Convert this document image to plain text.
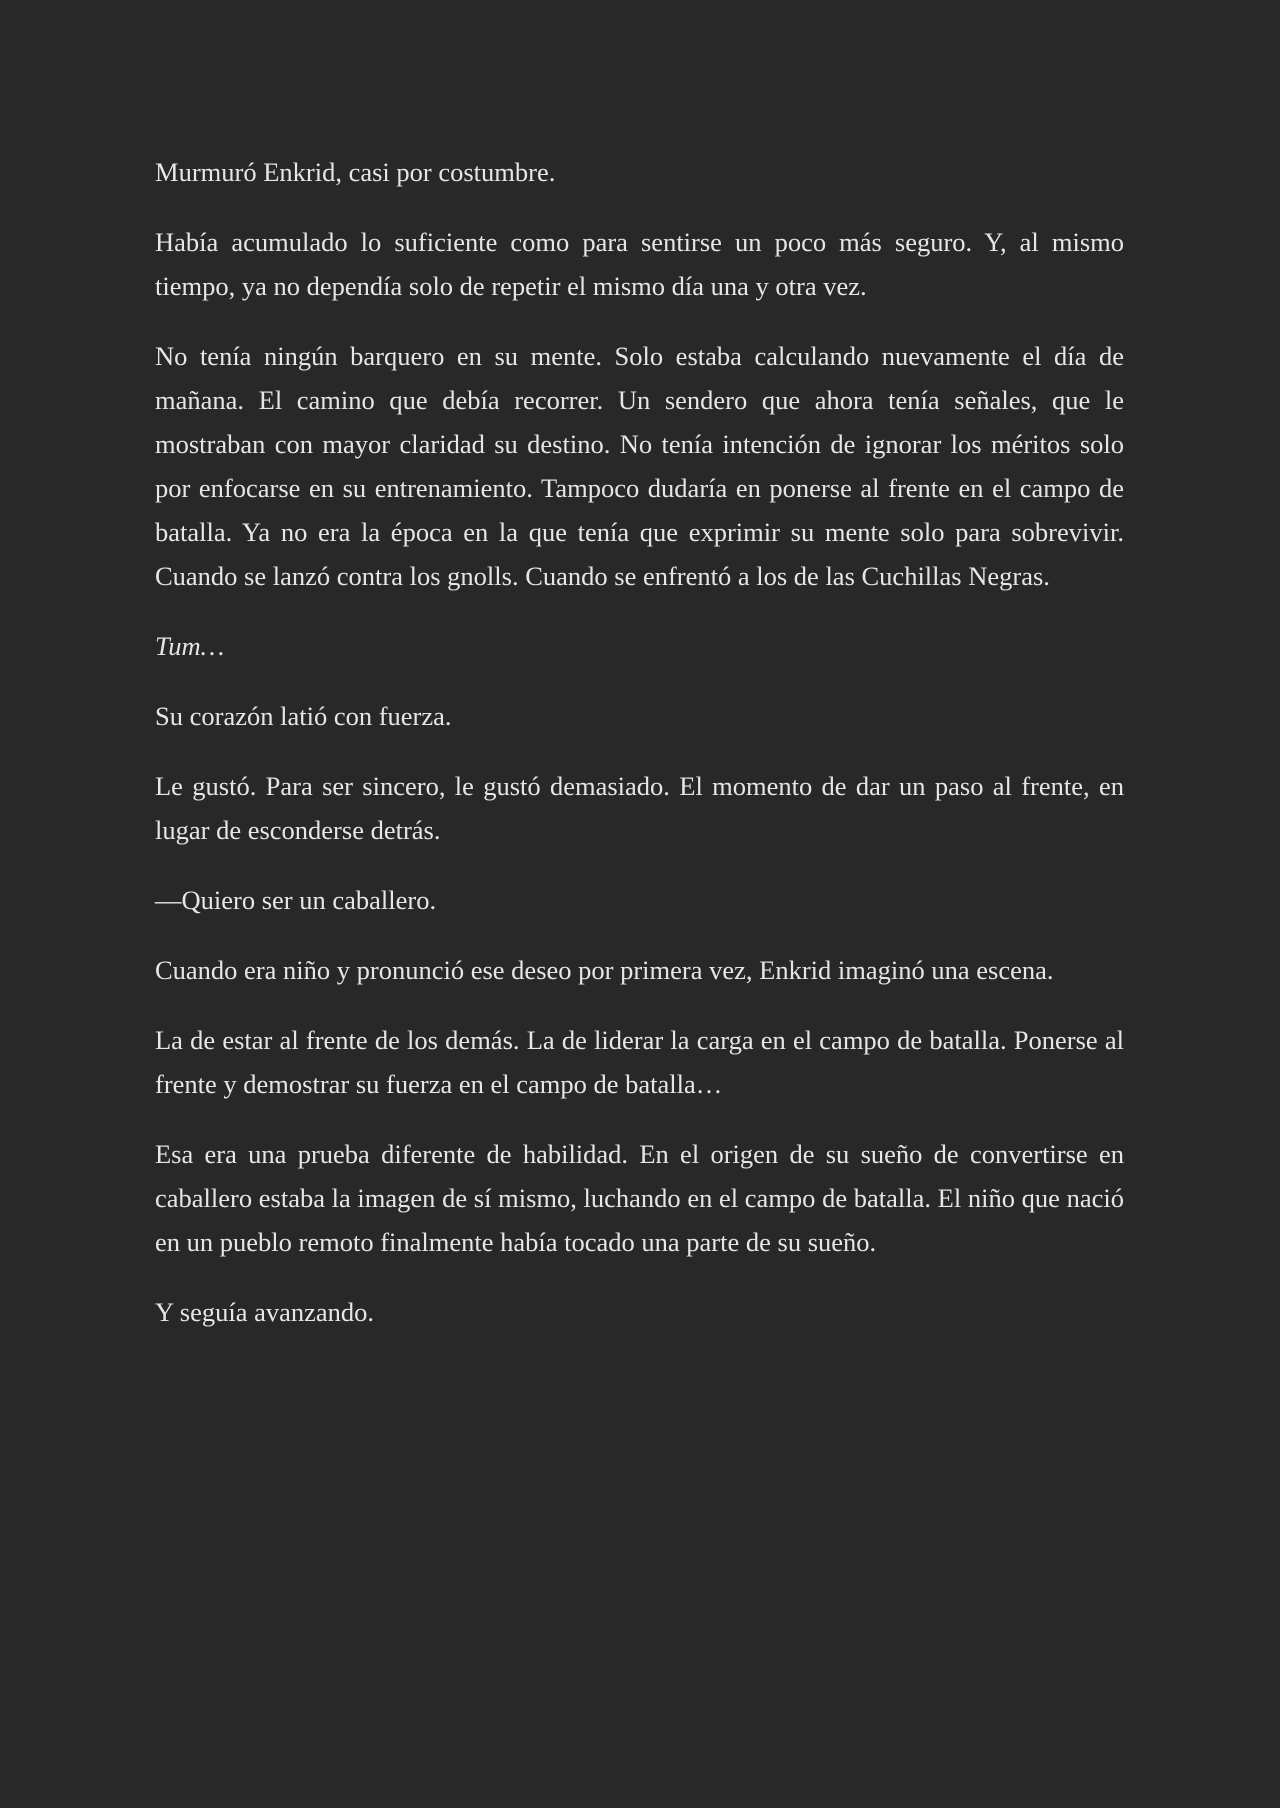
Murmuró Enkrid, casi por costumbre.

Había acumulado lo suficiente como para sentirse un poco más seguro. Y, al mismo tiempo, ya no dependía solo de repetir el mismo día una y otra vez.

No tenía ningún barquero en su mente. Solo estaba calculando nuevamente el día de mañana. El camino que debía recorrer. Un sendero que ahora tenía señales, que le mostraban con mayor claridad su destino. No tenía intención de ignorar los méritos solo por enfocarse en su entrenamiento. Tampoco dudaría en ponerse al frente en el campo de batalla. Ya no era la época en la que tenía que exprimir su mente solo para sobrevivir. Cuando se lanzó contra los gnolls. Cuando se enfrentó a los de las Cuchillas Negras.

Tum…

Su corazón latió con fuerza.

Le gustó. Para ser sincero, le gustó demasiado. El momento de dar un paso al frente, en lugar de esconderse detrás.

—Quiero ser un caballero.

Cuando era niño y pronunció ese deseo por primera vez, Enkrid imaginó una escena.

La de estar al frente de los demás. La de liderar la carga en el campo de batalla. Ponerse al frente y demostrar su fuerza en el campo de batalla…

Esa era una prueba diferente de habilidad. En el origen de su sueño de convertirse en caballero estaba la imagen de sí mismo, luchando en el campo de batalla. El niño que nació en un pueblo remoto finalmente había tocado una parte de su sueño.

Y seguía avanzando.
